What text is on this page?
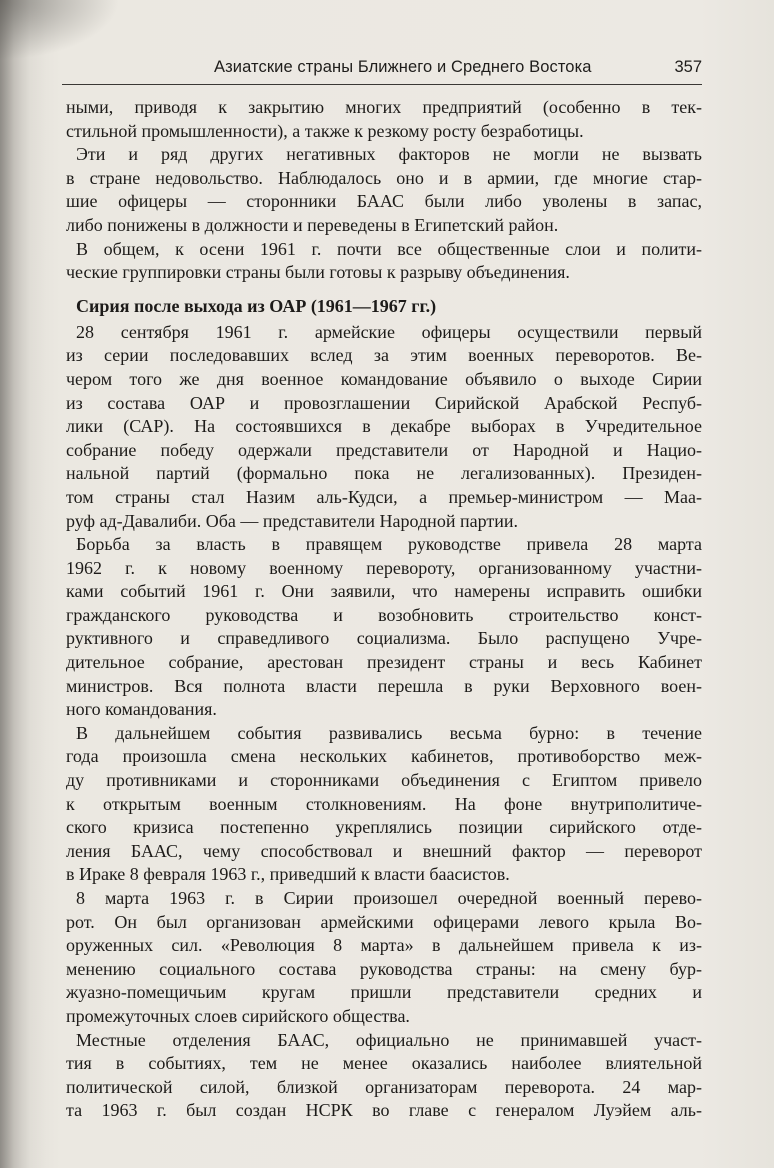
Азиатские страны Ближнего и Среднего Востока	357
ными, приводя к закрытию многих предприятий (особенно в тек-
стильной промышленности), а также к резкому росту безработицы.
Эти и ряд других негативных факторов не могли не вызвать
в стране недовольство. Наблюдалось оно и в армии, где многие стар-
шие офицеры — сторонники БААС были либо уволены в запас,
либо понижены в должности и переведены в Египетский район.
В общем, к осени 1961 г. почти все общественные слои и полити-
ческие группировки страны были готовы к разрыву объединения.
Сирия после выхода из ОАР (1961—1967 гг.)
28 сентября 1961 г. армейские офицеры осуществили первый
из серии последовавших вслед за этим военных переворотов. Ве-
чером того же дня военное командование объявило о выходе Сирии
из состава ОАР и провозглашении Сирийской Арабской Респуб-
лики (САР). На состоявшихся в декабре выборах в Учредительное
собрание победу одержали представители от Народной и Нацио-
нальной партий (формально пока не легализованных). Президен-
том страны стал Назим аль-Кудси, а премьер-министром — Маа-
руф ад-Давалиби. Оба — представители Народной партии.
Борьба за власть в правящем руководстве привела 28 марта
1962 г. к новому военному перевороту, организованному участни-
ками событий 1961 г. Они заявили, что намерены исправить ошибки
гражданского руководства и возобновить строительство конст-
руктивного и справедливого социализма. Было распущено Учре-
дительное собрание, арестован президент страны и весь Кабинет
министров. Вся полнота власти перешла в руки Верховного воен-
ного командования.
В дальнейшем события развивались весьма бурно: в течение
года произошла смена нескольких кабинетов, противоборство меж-
ду противниками и сторонниками объединения с Египтом привело
к открытым военным столкновениям. На фоне внутриполитиче-
ского кризиса постепенно укреплялись позиции сирийского отде-
ления БААС, чему способствовал и внешний фактор — переворот
в Ираке 8 февраля 1963 г., приведший к власти баасистов.
8 марта 1963 г. в Сирии произошел очередной военный перево-
рот. Он был организован армейскими офицерами левого крыла Во-
оруженных сил. «Революция 8 марта» в дальнейшем привела к из-
менению социального состава руководства страны: на смену бур-
жуазно-помещичьим кругам пришли представители средних и
промежуточных слоев сирийского общества.
Местные отделения БААС, официально не принимавшей участ-
тия в событиях, тем не менее оказались наиболее влиятельной
политической силой, близкой организаторам переворота. 24 мар-
та 1963 г. был создан НСРК во главе с генералом Луэйем аль-
